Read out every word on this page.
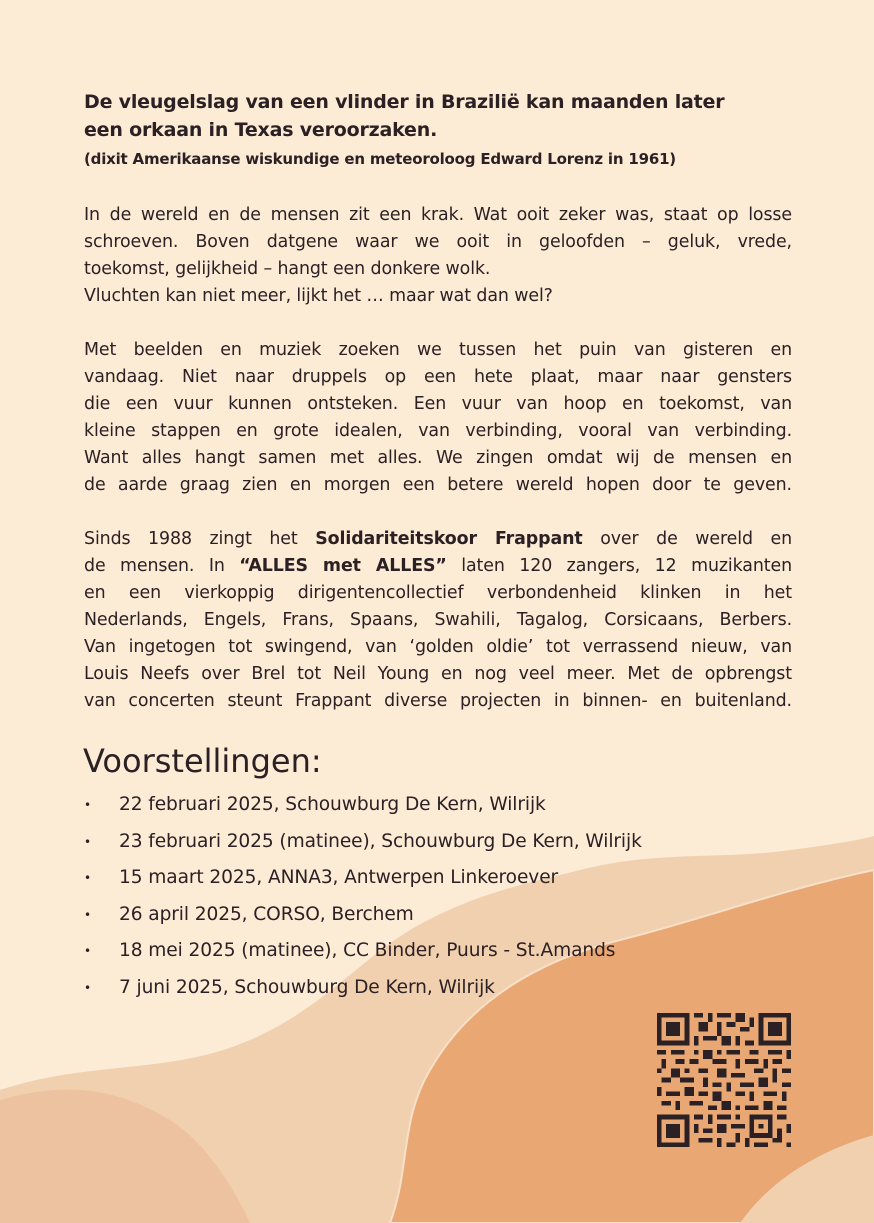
De vleugelslag van een vlinder in Brazilië kan maanden later
een orkaan in Texas veroorzaken.

(dixit Amerikaanse wiskundige en meteoroloog Edward Lorenz in 1961)

In de wereld en de mensen zit een krak. Wat ooit zeker was, staat op losse
schroeven. Boven datgene waar we ooit in geloofden – geluk, vrede,
toekomst, gelijkheid – hangt een donkere wolk.
Vluchten kan niet meer, lijkt het … maar wat dan wel?

Met beelden en muziek zoeken we tussen het puin van gisteren en
vandaag. Niet naar druppels op een hete plaat, maar naar gensters
die een vuur kunnen ontsteken. Een vuur van hoop en toekomst, van
kleine stappen en grote idealen, van verbinding, vooral van verbinding.
Want alles hangt samen met alles. We zingen omdat wij de mensen en
de aarde graag zien en morgen een betere wereld hopen door te geven.

Sinds 1988 zingt het Solidariteitskoor Frappant over de wereld en
de mensen. In “ALLES met ALLES” laten 120 zangers, 12 muzikanten
en een vierkoppig dirigentencollectief verbondenheid klinken in het
Nederlands, Engels, Frans, Spaans, Swahili, Tagalog, Corsicaans, Berbers.
Van ingetogen tot swingend, van ‘golden oldie’ tot verrassend nieuw, van
Louis Neefs over Brel tot Neil Young en nog veel meer. Met de opbrengst
van concerten steunt Frappant diverse projecten in binnen- en buitenland.

Voorstellingen:
• 22 februari 2025, Schouwburg De Kern, Wilrijk
• 23 februari 2025 (matinee), Schouwburg De Kern, Wilrijk
• 15 maart 2025, ANNA3, Antwerpen Linkeroever
• 26 april 2025, CORSO, Berchem
• 18 mei 2025 (matinee), CC Binder, Puurs - St.Amands
• 7 juni 2025, Schouwburg De Kern, Wilrijk
